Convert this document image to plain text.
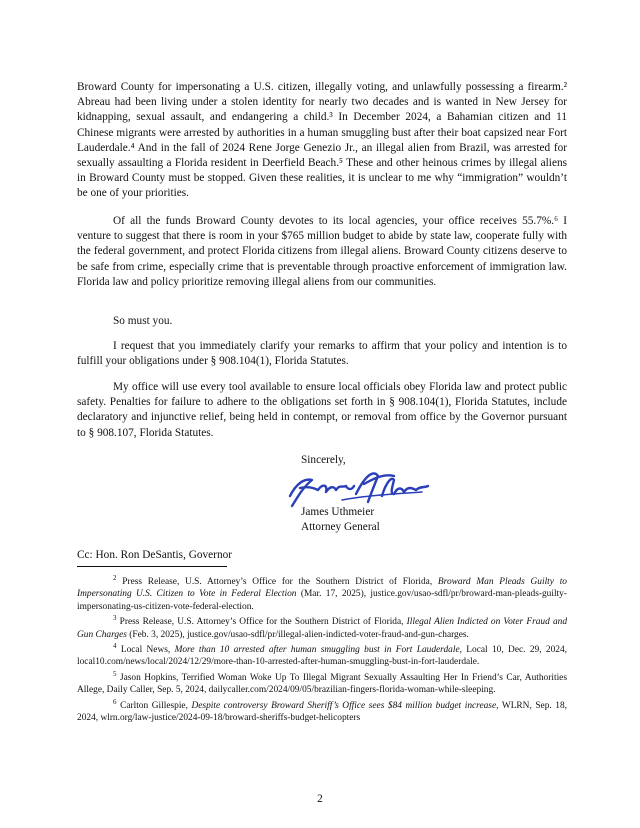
Broward County for impersonating a U.S. citizen, illegally voting, and unlawfully possessing a firearm.² Abreau had been living under a stolen identity for nearly two decades and is wanted in New Jersey for kidnapping, sexual assault, and endangering a child.³ In December 2024, a Bahamian citizen and 11 Chinese migrants were arrested by authorities in a human smuggling bust after their boat capsized near Fort Lauderdale.⁴ And in the fall of 2024 Rene Jorge Genezio Jr., an illegal alien from Brazil, was arrested for sexually assaulting a Florida resident in Deerfield Beach.⁵ These and other heinous crimes by illegal aliens in Broward County must be stopped. Given these realities, it is unclear to me why “immigration” wouldn’t be one of your priorities.

Of all the funds Broward County devotes to its local agencies, your office receives 55.7%.⁶ I venture to suggest that there is room in your $765 million budget to abide by state law, cooperate fully with the federal government, and protect Florida citizens from illegal aliens. Broward County citizens deserve to be safe from crime, especially crime that is preventable through proactive enforcement of immigration law. Florida law and policy prioritize removing illegal aliens from our communities.

So must you.

I request that you immediately clarify your remarks to affirm that your policy and intention is to fulfill your obligations under § 908.104(1), Florida Statutes.

My office will use every tool available to ensure local officials obey Florida law and protect public safety. Penalties for failure to adhere to the obligations set forth in § 908.104(1), Florida Statutes, include declaratory and injunctive relief, being held in contempt, or removal from office by the Governor pursuant to § 908.107, Florida Statutes.

Sincerely,
James Uthmeier
Attorney General
Cc: Hon. Ron DeSantis, Governor

$^2$ Press Release, U.S. Attorney’s Office for the Southern District of Florida, Broward Man Pleads Guilty to Impersonating U.S. Citizen to Vote in Federal Election (Mar. 17, 2025), justice.gov/usao-sdfl/pr/broward-man-pleads-guilty-impersonating-us-citizen-vote-federal-election.

$^3$ Press Release, U.S. Attorney’s Office for the Southern District of Florida, Illegal Alien Indicted on Voter Fraud and Gun Charges (Feb. 3, 2025), justice.gov/usao-sdfl/pr/illegal-alien-indicted-voter-fraud-and-gun-charges.

$^4$ Local News, More than 10 arrested after human smuggling bust in Fort Lauderdale, Local 10, Dec. 29, 2024, local10.com/news/local/2024/12/29/more-than-10-arrested-after-human-smuggling-bust-in-fort-lauderdale.

$^5$ Jason Hopkins, Terrified Woman Woke Up To Illegal Migrant Sexually Assaulting Her In Friend’s Car, Authorities Allege, Daily Caller, Sep. 5, 2024, dailycaller.com/2024/09/05/brazilian-fingers-florida-woman-while-sleeping.

$^6$ Carlton Gillespie, Despite controversy Broward Sheriff’s Office sees $84 million budget increase, WLRN, Sep. 18, 2024, wlrn.org/law-justice/2024-09-18/broward-sheriffs-budget-helicopters

2
